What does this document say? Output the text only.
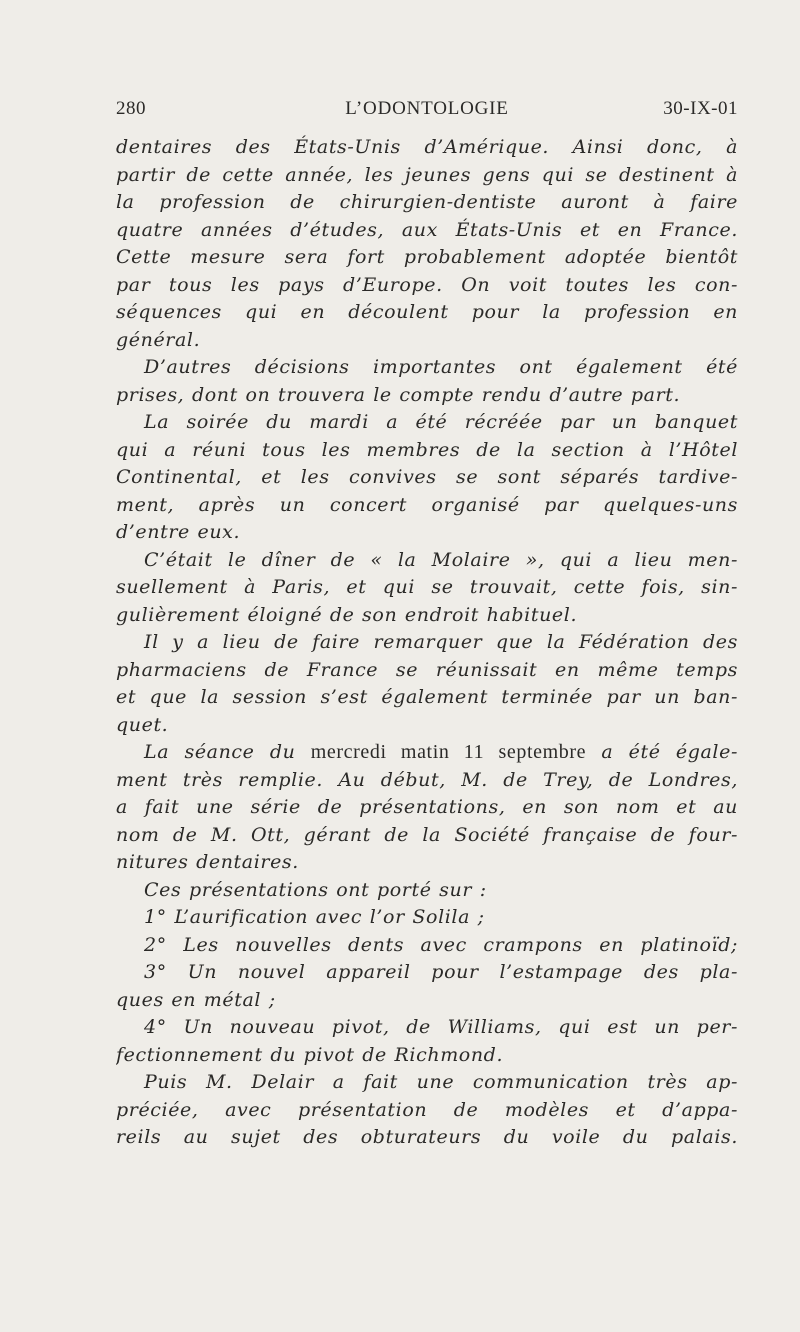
280	L’ODONTOLOGIE	30-IX-01
dentaires des États-Unis d’Amérique. Ainsi donc, à
partir de cette année, les jeunes gens qui se destinent à
la profession de chirurgien-dentiste auront à faire
quatre années d’études, aux États-Unis et en France.
Cette mesure sera fort probablement adoptée bientôt
par tous les pays d’Europe. On voit toutes les con-
séquences qui en découlent pour la profession en
général.
D’autres décisions importantes ont également été
prises, dont on trouvera le compte rendu d’autre part.
La soirée du mardi a été récréée par un banquet
qui a réuni tous les membres de la section à l’Hôtel
Continental, et les convives se sont séparés tardive-
ment, après un concert organisé par quelques-uns
d’entre eux.
C’était le dîner de « la Molaire », qui a lieu men-
suellement à Paris, et qui se trouvait, cette fois, sin-
gulièrement éloigné de son endroit habituel.
Il y a lieu de faire remarquer que la Fédération des
pharmaciens de France se réunissait en même temps
et que la session s’est également terminée par un ban-
quet.
La séance du mercredi matin 11 septembre a été égale-
ment très remplie. Au début, M. de Trey, de Londres,
a fait une série de présentations, en son nom et au
nom de M. Ott, gérant de la Société française de four-
nitures dentaires.
Ces présentations ont porté sur :
1° L’aurification avec l’or Solila ;
2° Les nouvelles dents avec crampons en platinoïd;
3° Un nouvel appareil pour l’estampage des pla-
ques en métal ;
4° Un nouveau pivot, de Williams, qui est un per-
fectionnement du pivot de Richmond.
Puis M. Delair a fait une communication très ap-
préciée, avec présentation de modèles et d’appa-
reils au sujet des obturateurs du voile du palais.
